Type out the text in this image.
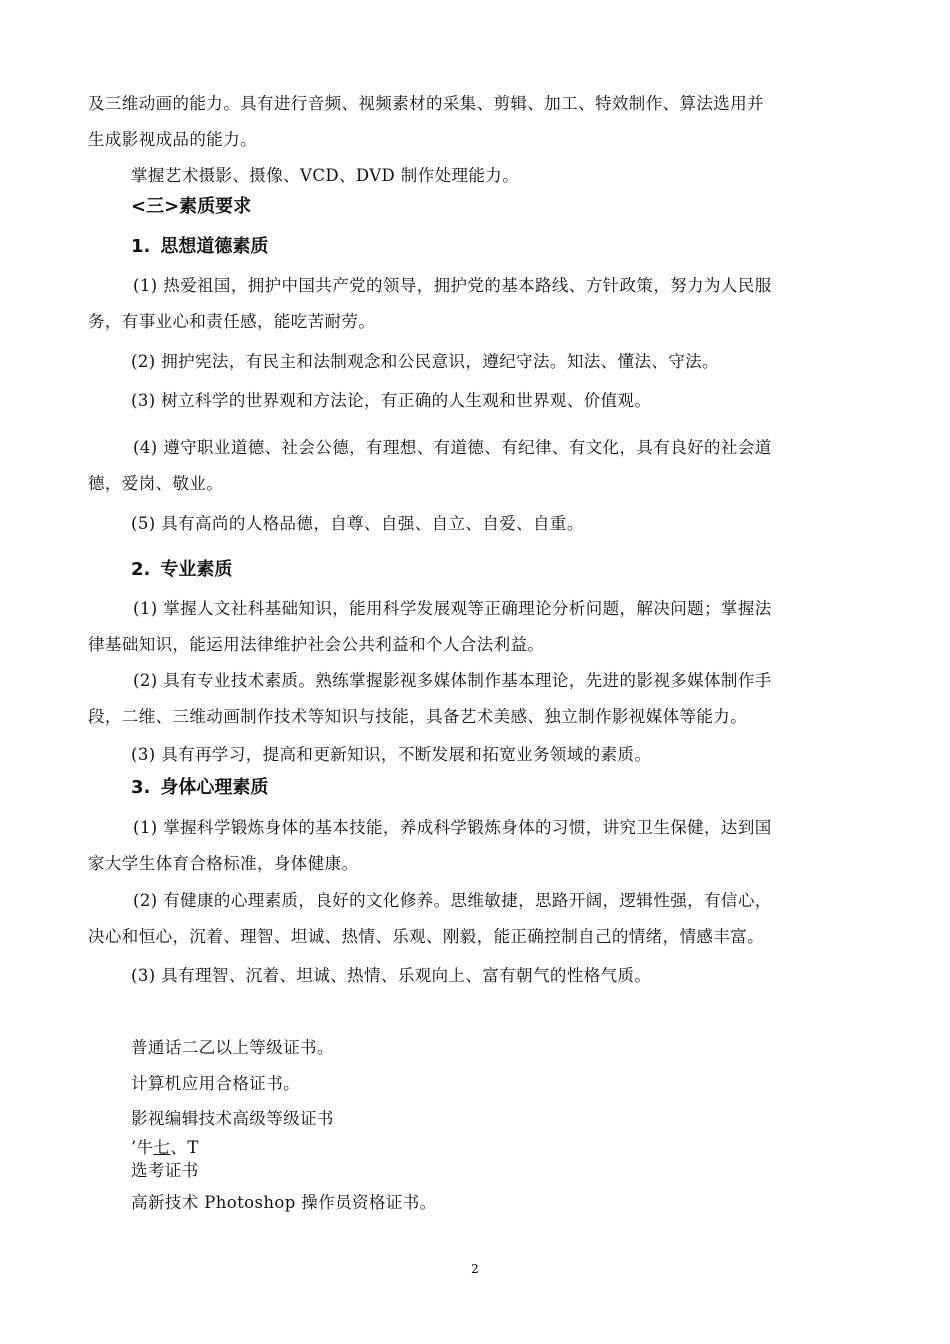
及三维动画的能力。具有进行音频、视频素材的采集、剪辑、加工、特效制作、算法选用并
生成影视成品的能力。
掌握艺术摄影、摄像、VCD、DVD 制作处理能力。
<三>素质要求
1. 思想道德素质
(1) 热爱祖国，拥护中国共产党的领导，拥护党的基本路线、方针政策，努力为人民服
务，有事业心和责任感，能吃苦耐劳。
(2) 拥护宪法，有民主和法制观念和公民意识，遵纪守法。知法、懂法、守法。
(3) 树立科学的世界观和方法论，有正确的人生观和世界观、价值观。
(4) 遵守职业道德、社会公德，有理想、有道德、有纪律、有文化，具有良好的社会道
德，爱岗、敬业。
(5) 具有高尚的人格品德，自尊、自强、自立、自爱、自重。
2. 专业素质
(1) 掌握人文社科基础知识，能用科学发展观等正确理论分析问题，解决问题；掌握法
律基础知识，能运用法律维护社会公共利益和个人合法利益。
(2) 具有专业技术素质。熟练掌握影视多媒体制作基本理论，先进的影视多媒体制作手
段，二维、三维动画制作技术等知识与技能，具备艺术美感、独立制作影视媒体等能力。
(3) 具有再学习，提高和更新知识，不断发展和拓宽业务领域的素质。
3. 身体心理素质
(1) 掌握科学锻炼身体的基本技能，养成科学锻炼身体的习惯，讲究卫生保健，达到国
家大学生体育合格标准，身体健康。
(2) 有健康的心理素质，良好的文化修养。思维敏捷，思路开阔，逻辑性强，有信心，
决心和恒心，沉着、理智、坦诚、热情、乐观、刚毅，能正确控制自己的情绪，情感丰富。
(3) 具有理智、沉着、坦诚、热情、乐观向上、富有朝气的性格气质。
普通话二乙以上等级证书。
计算机应用合格证书。
影视编辑技术高级等级证书
’牛七、T
选考证书
高新技术 Photoshop 操作员资格证书。
2
